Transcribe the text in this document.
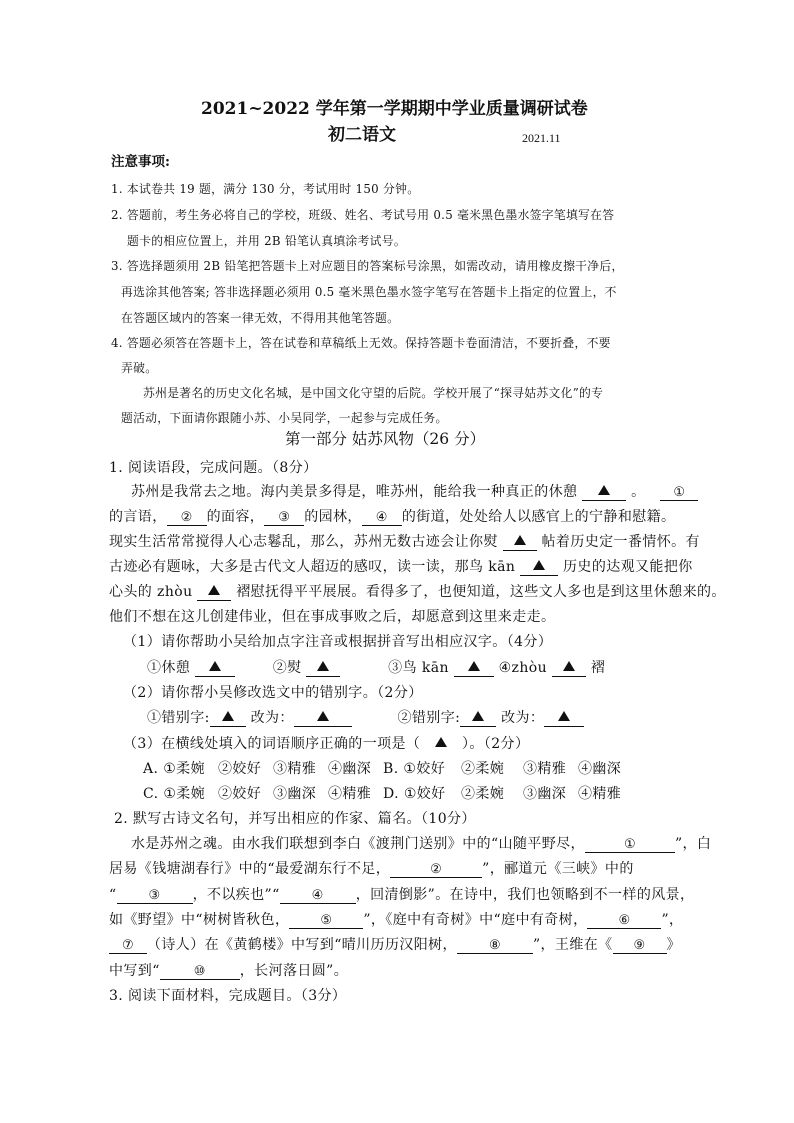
2021~2022 学年第一学期期中学业质量调研试卷
初二语文	2021.11
注意事项:
1. 本试卷共 19 题，满分 130 分，考试用时 150 分钟。
2. 答题前，考生务必将自己的学校，班级、姓名、考试号用 0.5 毫米黑色墨水签字笔填写在答
题卡的相应位置上，并用 2B 铅笔认真填涂考试号。
3. 答选择题须用 2B 铅笔把答题卡上对应题目的答案标号涂黑，如需改动，请用橡皮擦干净后，
再选涂其他答案; 答非选择题必须用 0.5 毫米黑色墨水签字笔写在答题卡上指定的位置上，不
在答题区域内的答案一律无效，不得用其他笔答题。
4. 答题必须答在答题卡上，答在试卷和草稿纸上无效。保持答题卡卷面清洁，不要折叠，不要
弄破。
苏州是著名的历史文化名城，是中国文化守望的后院。学校开展了“探寻姑苏文化”的专
题活动，下面请你跟随小苏、小吴同学，一起参与完成任务。
第一部分 姑苏风物（26 分）
1. 阅读语段，完成问题。（8分）
苏州是我常去之地。海内美景多得是，唯苏州，能给我一种真正的休憩	。 ①
的言语， ② 的面容， ③ 的园林， ④ 的街道，处处给人以感官上的宁静和慰籍。
现实生活常常搅得人心志鬈乱，那么，苏州无数古迹会让你熨	帖着历史定一番情怀。有
古迹必有题咏，大多是古代文人超迈的感叹，读一读，那鸟 kān	历史的达观又能把你
心头的 zhòu	褶慰抚得平平展展。看得多了，也便知道，这些文人多也是到这里休憩来的。
他们不想在这儿创建伟业，但在事成事败之后，却愿意到这里来走走。
（1）请你帮助小吴给加点字注音或根据拼音写出相应汉字。（4分）
①休憩	②熨	③鸟 kān	④zhòu	褶
（2）请你帮小吴修改选文中的错别字。（2分）
①错别字:	改为：	②错别字:	改为：
（3）在横线处填入的词语顺序正确的一项是（	）。（2分）
A. ①柔婉 ②姣好 ③精雅 ④幽深 B. ①姣好 ②柔婉 ③精雅 ④幽深
C. ①柔婉 ②姣好 ③幽深 ④精雅 D. ①姣好 ②柔婉 ③幽深 ④精雅
2. 默写古诗文名句，并写出相应的作家、篇名。（10分）
水是苏州之魂。由水我们联想到李白《渡荆门送别》中的“山随平野尽，	①	”，白
居易《钱塘湖春行》中的“最爱湖东行不足，	②	”，郦道元《三峡》中的
“ ③ ，不以疾也”“ ④ ，回清倒影”。在诗中，我们也领略到不一样的风景，
如《野望》中“树树皆秋色， ⑤ ”，《庭中有奇树》中“庭中有奇树， ⑥ ”，
⑦ （诗人）在《黄鹤楼》中写到“晴川历历汉阳树， ⑧ ”，王维在《 ⑨ 》
中写到“	⑩ ，长河落日圆”。
3. 阅读下面材料，完成题目。（3分）
